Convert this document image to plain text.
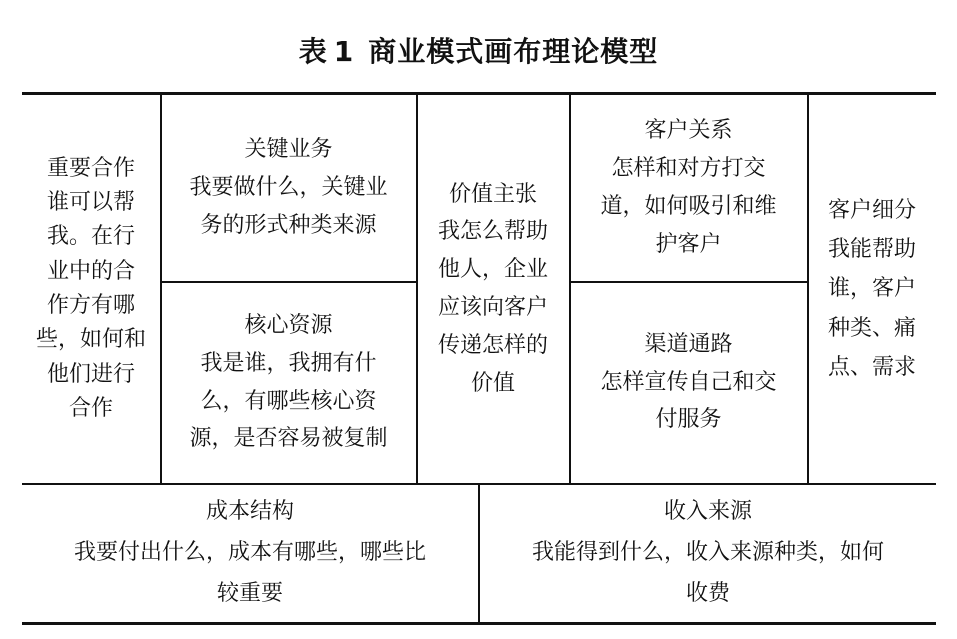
表 1 商业模式画布理论模型
重要合作
谁可以帮
我。在行
业中的合
作方有哪
些，如何和
他们进行
合作
关键业务
我要做什么，关键业
务的形式种类来源
核心资源
我是谁，我拥有什
么，有哪些核心资
源，是否容易被复制
价值主张
我怎么帮助
他人，企业
应该向客户
传递怎样的
价值
客户关系
怎样和对方打交
道，如何吸引和维
护客户
渠道通路
怎样宣传自己和交
付服务
客户细分
我能帮助
谁，客户
种类、痛
点、需求
成本结构
我要付出什么，成本有哪些，哪些比
较重要
收入来源
我能得到什么，收入来源种类，如何
收费
